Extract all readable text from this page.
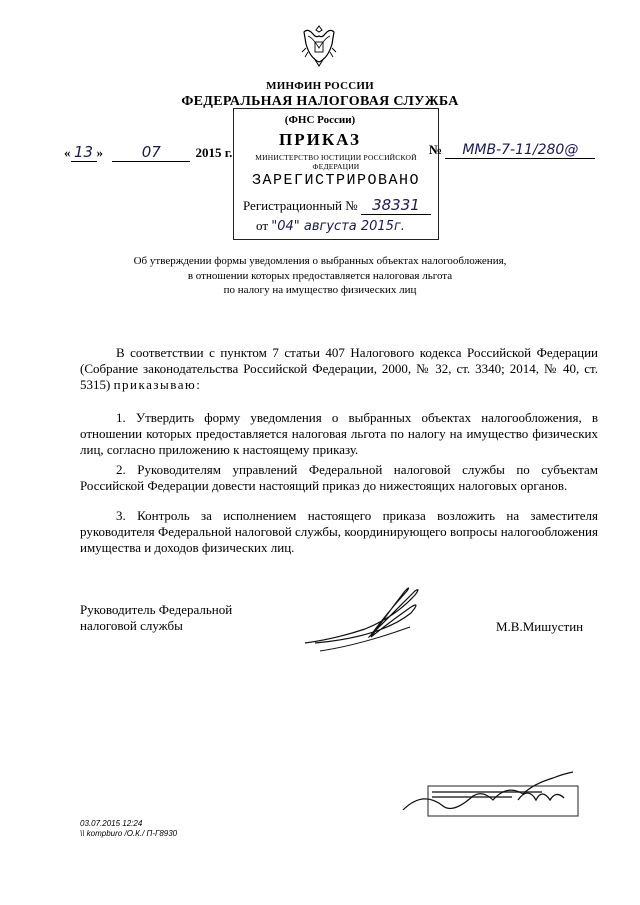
МИНФИН РОССИИ
ФЕДЕРАЛЬНАЯ НАЛОГОВАЯ СЛУЖБА
(ФНС России)
ПРИКАЗ
МИНИСТЕРСТВО ЮСТИЦИИ РОССИЙСКОЙ ФЕДЕРАЦИИ
ЗАРЕГИСТРИРОВАНО
Регистрационный № 38331
от "04" августа 2015г.
« 13 »	07	2015 г.	№ ММВ-7-11/280@
Об утверждении формы уведомления о выбранных объектах налогообложения,
в отношении которых предоставляется налоговая льгота
по налогу на имущество физических лиц
В соответствии с пунктом 7 статьи 407 Налогового кодекса Российской Федерации (Собрание законодательства Российской Федерации, 2000, № 32, ст. 3340; 2014, № 40, ст. 5315) приказываю:
1. Утвердить форму уведомления о выбранных объектах налогообложения, в отношении которых предоставляется налоговая льгота по налогу на имущество физических лиц, согласно приложению к настоящему приказу.
2. Руководителям управлений Федеральной налоговой службы по субъектам Российской Федерации довести настоящий приказ до нижестоящих налоговых органов.
3. Контроль за исполнением настоящего приказа возложить на заместителя руководителя Федеральной налоговой службы, координирующего вопросы налогообложения имущества и доходов физических лиц.
Руководитель Федеральной
налоговой службы	М.В.Мишустин
03.07.2015 12:24
\\ kompburo /О.К./ П-Г8930
